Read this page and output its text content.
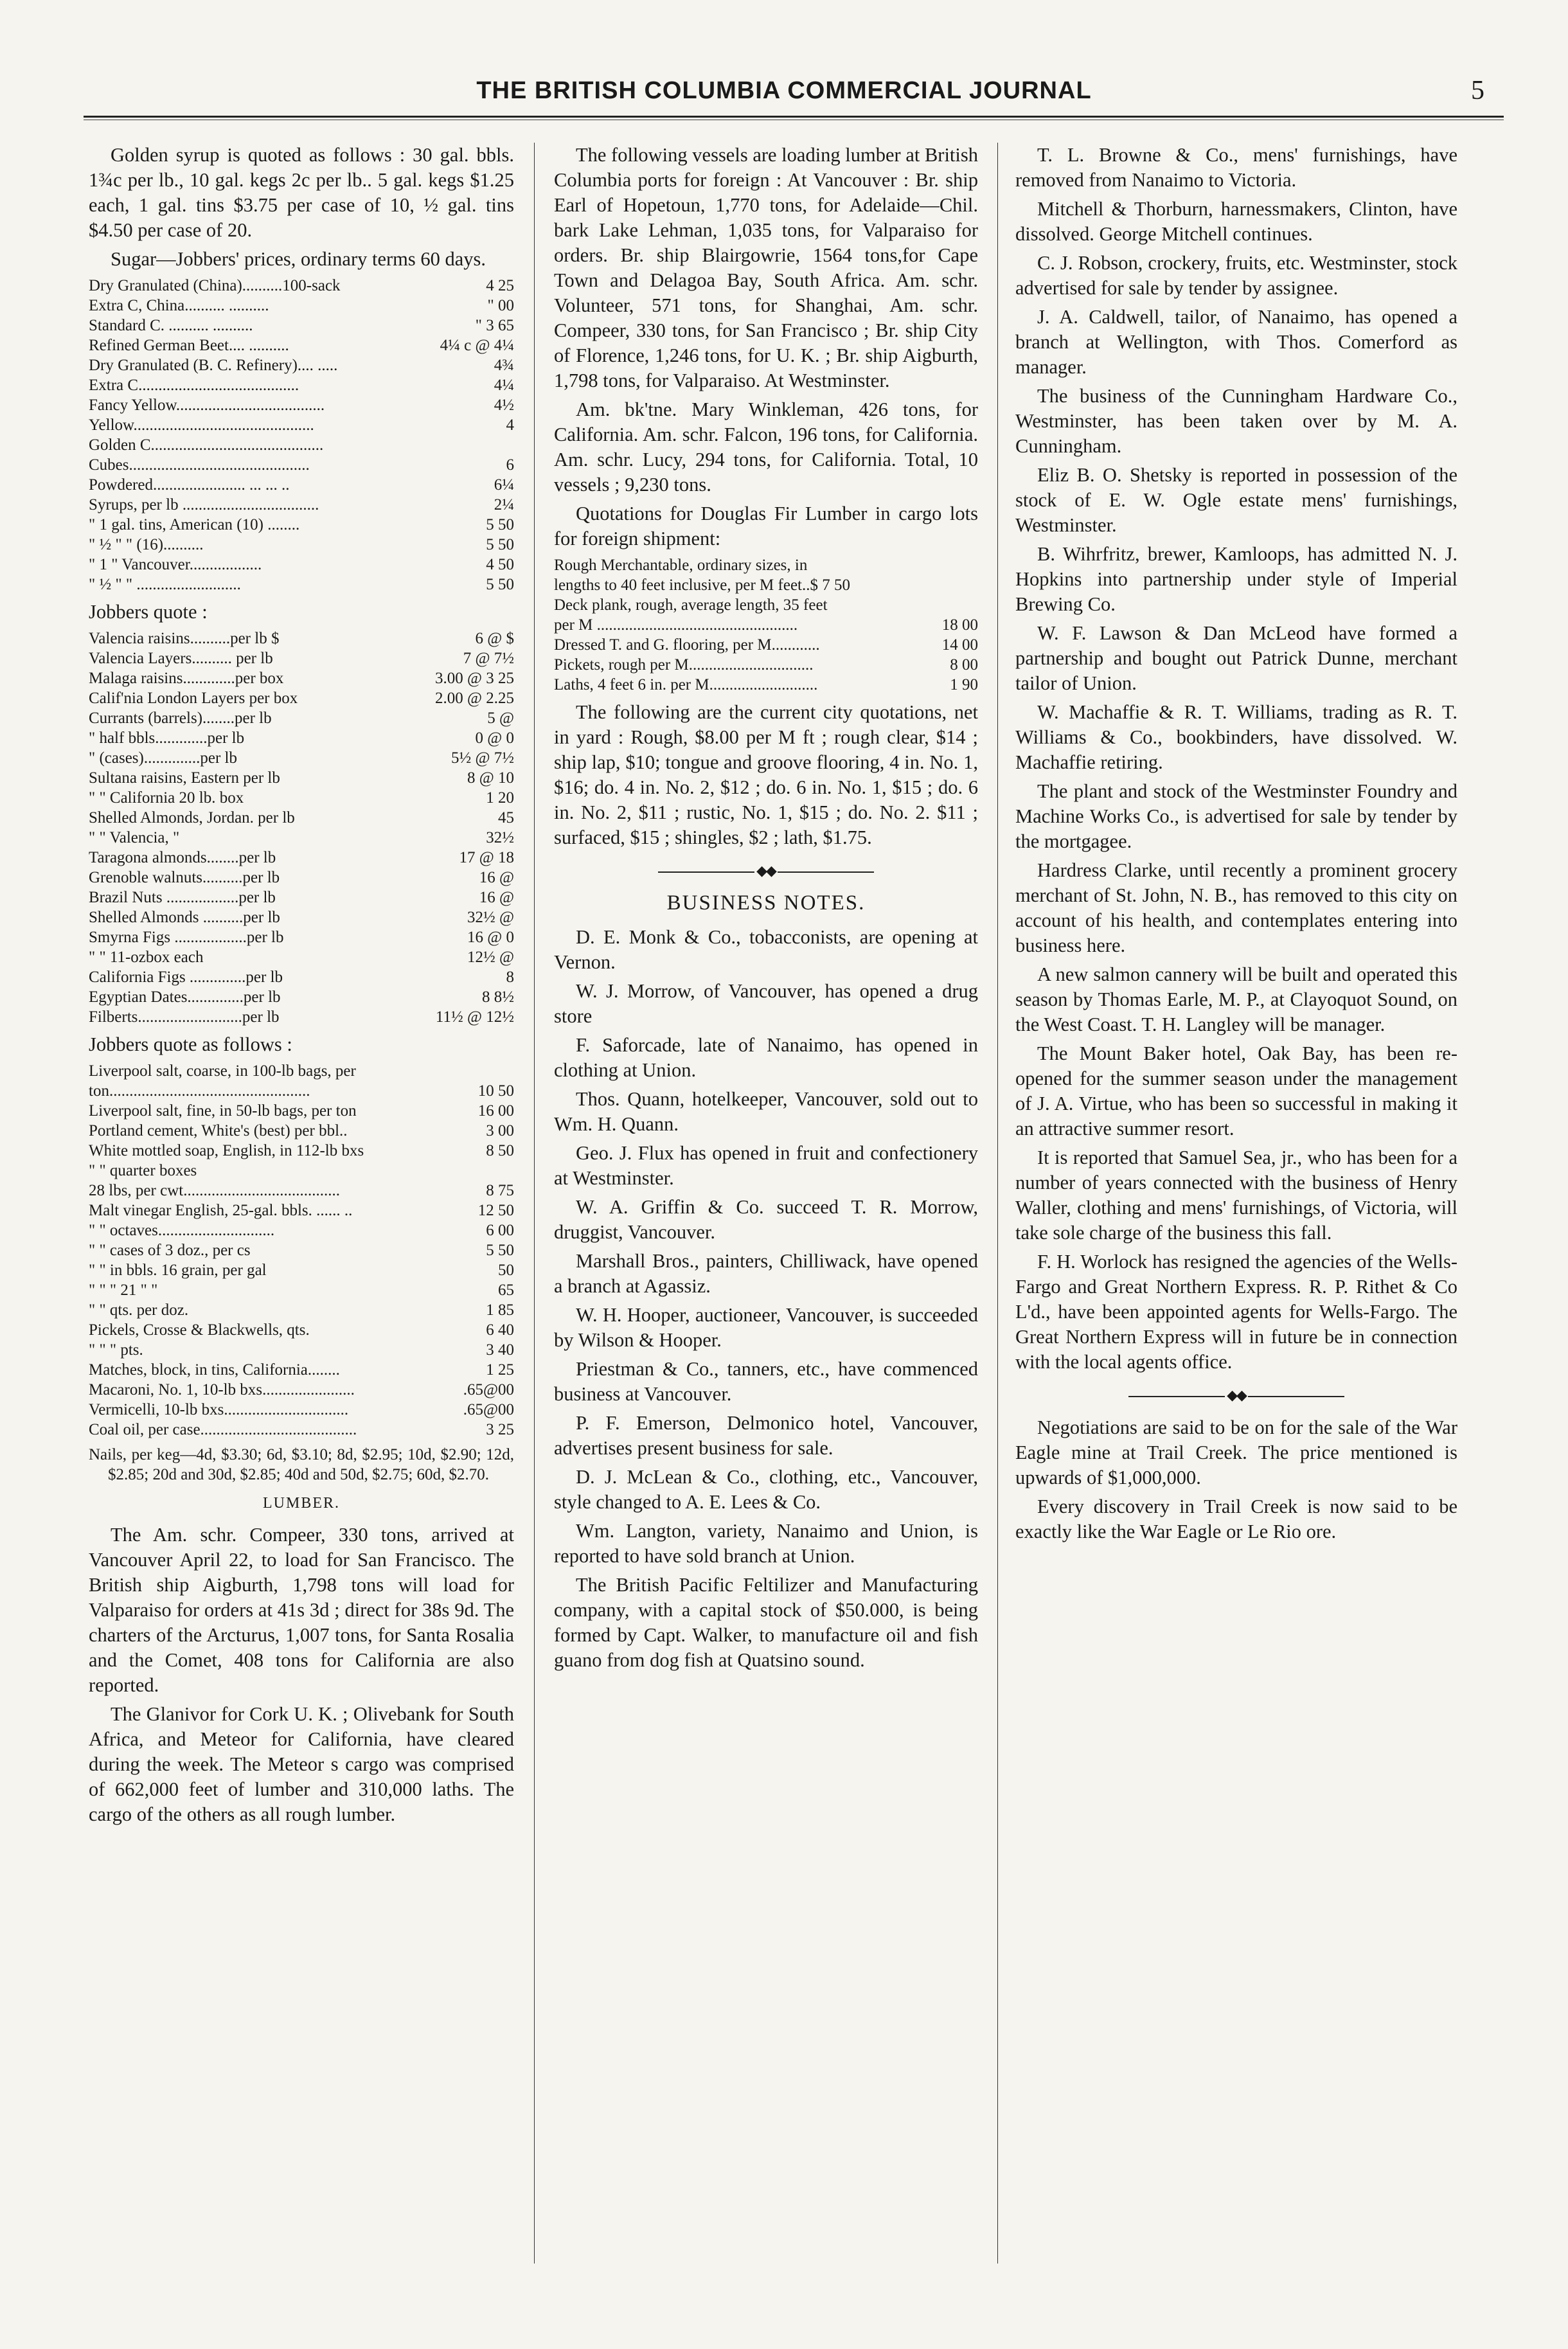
THE BRITISH COLUMBIA COMMERCIAL JOURNAL	5

Golden syrup is quoted as follows : 30 gal. bbls. 1¾c per lb., 10 gal. kegs 2c per lb.. 5 gal. kegs $1.25 each, 1 gal. tins $3.75 per case of 10, ½ gal. tins $4.50 per case of 20.

Sugar—Jobbers' prices, ordinary terms 60 days.

Dry Granulated (China)..........100-sack	4 25
Extra C, China.......... ..........	" 00
Standard C. .......... ..........	" 3 65
Refined German Beet.... ..........	4¼ c @ 4¼
Dry Granulated (B. C. Refinery).... .....	4¾
Extra C........................................	4¼
Fancy Yellow.....................................	4½
Yellow.............................................	4
Golden C...........................................
Cubes.............................................	6
Powdered....................... ... ... ..	6¼
Syrups, per lb ..................................	2¼
" 1 gal. tins, American (10) ........	5 50
" ½ " " (16)..........	5 50
" 1 " Vancouver..................	4 50
" ½ " " ..........................	5 50

Jobbers quote :

Valencia raisins..........per lb $	6 @ $
Valencia Layers.......... per lb	7 @ 7½
Malaga raisins.............per box	3.00 @ 3 25
Calif'nia London Layers per box	2.00 @ 2.25
Currants (barrels)........per lb	5 @
" half bbls.............per lb	0 @ 0
" (cases)..............per lb	5½ @ 7½
Sultana raisins, Eastern per lb	8 @ 10
" " California 20 lb. box	1 20
Shelled Almonds, Jordan. per lb	45
" " Valencia, "	32½
Taragona almonds........per lb	17 @ 18
Grenoble walnuts..........per lb	16 @
Brazil Nuts ..................per lb	16 @
Shelled Almonds ..........per lb	32½ @
Smyrna Figs ..................per lb	16 @ 0
" " 11-ozbox each	12½ @
California Figs ..............per lb	8
Egyptian Dates..............per lb	8 8½
Filberts..........................per lb	11½ @ 12½

Jobbers quote as follows :

Liverpool salt, coarse, in 100-lb bags, per
ton..................................................	10 50
Liverpool salt, fine, in 50-lb bags, per ton	16 00
Portland cement, White's (best) per bbl..	3 00
White mottled soap, English, in 112-lb bxs	8 50
" " quarter boxes
28 lbs, per cwt.......................................	8 75
Malt vinegar English, 25-gal. bbls. ...... ..	12 50
" " octaves.............................	6 00
" " cases of 3 doz., per cs	5 50
" " in bbls. 16 grain, per gal	50
" " " 21 " "	65
" " qts. per doz.	1 85
Pickels, Crosse & Blackwells, qts.	6 40
" " " pts.	3 40
Matches, block, in tins, California........	1 25
Macaroni, No. 1, 10-lb bxs.......................	.65@00
Vermicelli, 10-lb bxs...............................	.65@00
Coal oil, per case.......................................	3 25

Nails, per keg—4d, $3.30; 6d, $3.10; 8d, $2.95; 10d, $2.90; 12d, $2.85; 20d and 30d, $2.85; 40d and 50d, $2.75; 60d, $2.70.

LUMBER.

The Am. schr. Compeer, 330 tons, arrived at Vancouver April 22, to load for San Francisco. The British ship Aigburth, 1,798 tons will load for Valparaiso for orders at 41s 3d ; direct for 38s 9d. The charters of the Arcturus, 1,007 tons, for Santa Rosalia and the Comet, 408 tons for California are also reported.

The Glanivor for Cork U. K. ; Olivebank for South Africa, and Meteor for California, have cleared during the week. The Meteor s cargo was comprised of 662,000 feet of lumber and 310,000 laths. The cargo of the others as all rough lumber.

The following vessels are loading lumber at British Columbia ports for foreign : At Vancouver : Br. ship Earl of Hopetoun, 1,770 tons, for Adelaide—Chil. bark Lake Lehman, 1,035 tons, for Valparaiso for orders. Br. ship Blairgowrie, 1564 tons,for Cape Town and Delagoa Bay, South Africa. Am. schr. Volunteer, 571 tons, for Shanghai, Am. schr. Compeer, 330 tons, for San Francisco ; Br. ship City of Florence, 1,246 tons, for U. K. ; Br. ship Aigburth, 1,798 tons, for Valparaiso. At Westminster.

Am. bk'tne. Mary Winkleman, 426 tons, for California. Am. schr. Falcon, 196 tons, for California. Am. schr. Lucy, 294 tons, for California. Total, 10 vessels ; 9,230 tons.

Quotations for Douglas Fir Lumber in cargo lots for foreign shipment:

Rough Merchantable, ordinary sizes, in
lengths to 40 feet inclusive, per M feet..$ 7 50
Deck plank, rough, average length, 35 feet
per M ..................................................	18 00
Dressed T. and G. flooring, per M............	14 00
Pickets, rough per M...............................	8 00
Laths, 4 feet 6 in. per M...........................	1 90

The following are the current city quotations, net in yard : Rough, $8.00 per M ft ; rough clear, $14 ; ship lap, $10; tongue and groove flooring, 4 in. No. 1, $16; do. 4 in. No. 2, $12 ; do. 6 in. No. 1, $15 ; do. 6 in. No. 2, $11 ; rustic, No. 1, $15 ; do. No. 2. $11 ; surfaced, $15 ; shingles, $2 ; lath, $1.75.

◆◆
BUSINESS NOTES.

D. E. Monk & Co., tobacconists, are opening at Vernon.

W. J. Morrow, of Vancouver, has opened a drug store

F. Saforcade, late of Nanaimo, has opened in clothing at Union.

Thos. Quann, hotelkeeper, Vancouver, sold out to Wm. H. Quann.

Geo. J. Flux has opened in fruit and confectionery at Westminster.

W. A. Griffin & Co. succeed T. R. Morrow, druggist, Vancouver.

Marshall Bros., painters, Chilliwack, have opened a branch at Agassiz.

W. H. Hooper, auctioneer, Vancouver, is succeeded by Wilson & Hooper.

Priestman & Co., tanners, etc., have commenced business at Vancouver.

P. F. Emerson, Delmonico hotel, Vancouver, advertises present business for sale.

D. J. McLean & Co., clothing, etc., Vancouver, style changed to A. E. Lees & Co.

Wm. Langton, variety, Nanaimo and Union, is reported to have sold branch at Union.

The British Pacific Feltilizer and Manufacturing company, with a capital stock of $50.000, is being formed by Capt. Walker, to manufacture oil and fish guano from dog fish at Quatsino sound.

T. L. Browne & Co., mens' furnishings, have removed from Nanaimo to Victoria.

Mitchell & Thorburn, harnessmakers, Clinton, have dissolved. George Mitchell continues.

C. J. Robson, crockery, fruits, etc. Westminster, stock advertised for sale by tender by assignee.

J. A. Caldwell, tailor, of Nanaimo, has opened a branch at Wellington, with Thos. Comerford as manager.

The business of the Cunningham Hardware Co., Westminster, has been taken over by M. A. Cunningham.

Eliz B. O. Shetsky is reported in possession of the stock of E. W. Ogle estate mens' furnishings, Westminster.

B. Wihrfritz, brewer, Kamloops, has admitted N. J. Hopkins into partnership under style of Imperial Brewing Co.

W. F. Lawson & Dan McLeod have formed a partnership and bought out Patrick Dunne, merchant tailor of Union.

W. Machaffie & R. T. Williams, trading as R. T. Williams & Co., bookbinders, have dissolved. W. Machaffie retiring.

The plant and stock of the Westminster Foundry and Machine Works Co., is advertised for sale by tender by the mortgagee.

Hardress Clarke, until recently a prominent grocery merchant of St. John, N. B., has removed to this city on account of his health, and contemplates entering into business here.

A new salmon cannery will be built and operated this season by Thomas Earle, M. P., at Clayoquot Sound, on the West Coast. T. H. Langley will be manager.

The Mount Baker hotel, Oak Bay, has been re-opened for the summer season under the management of J. A. Virtue, who has been so successful in making it an attractive summer resort.

It is reported that Samuel Sea, jr., who has been for a number of years connected with the business of Henry Waller, clothing and mens' furnishings, of Victoria, will take sole charge of the business this fall.

F. H. Worlock has resigned the agencies of the Wells-Fargo and Great Northern Express. R. P. Rithet & Co L'd., have been appointed agents for Wells-Fargo. The Great Northern Express will in future be in connection with the local agents office.

◆◆

Negotiations are said to be on for the sale of the War Eagle mine at Trail Creek. The price mentioned is upwards of $1,000,000.

Every discovery in Trail Creek is now said to be exactly like the War Eagle or Le Rio ore.
